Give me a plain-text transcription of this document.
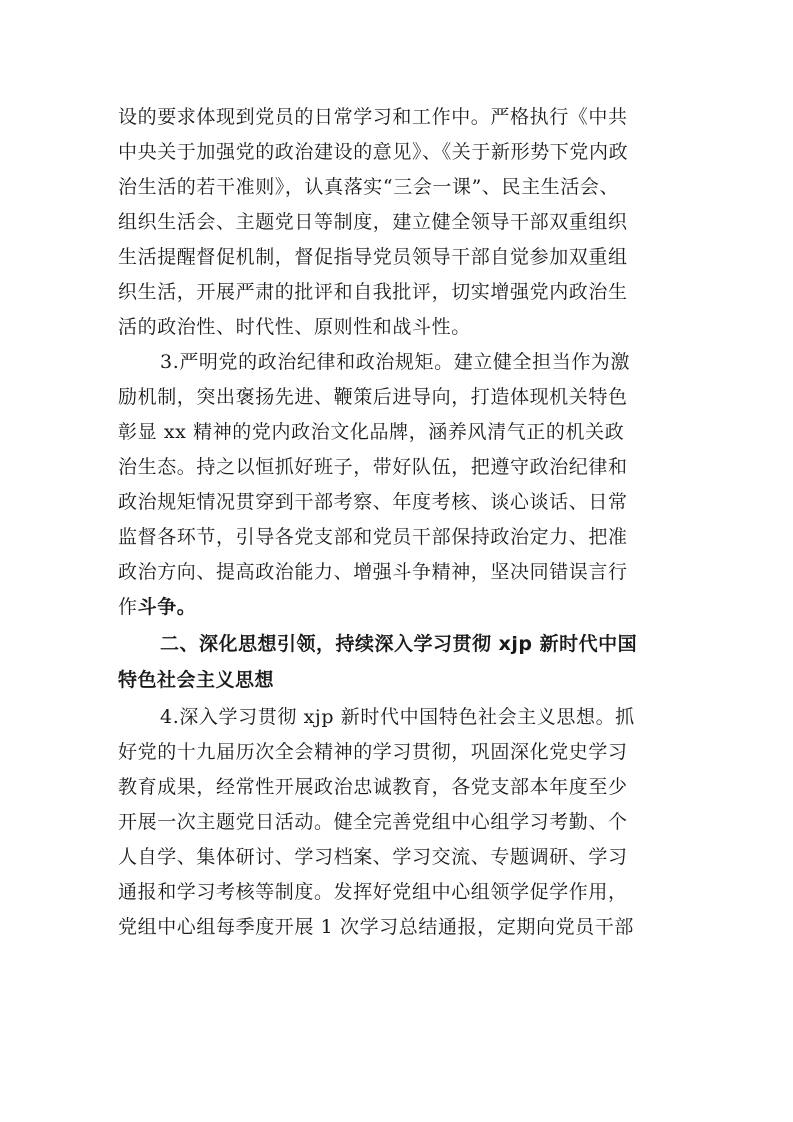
设的要求体现到党员的日常学习和工作中。严格执行《中共
中央关于加强党的政治建设的意见》、《关于新形势下党内政
治生活的若干准则》，认真落实“三会一课”、民主生活会、
组织生活会、主题党日等制度，建立健全领导干部双重组织
生活提醒督促机制，督促指导党员领导干部自觉参加双重组
织生活，开展严肃的批评和自我批评，切实增强党内政治生
活的政治性、时代性、原则性和战斗性。
3.严明党的政治纪律和政治规矩。建立健全担当作为激
励机制，突出褒扬先进、鞭策后进导向，打造体现机关特色
彰显 xx 精神的党内政治文化品牌，涵养风清气正的机关政
治生态。持之以恒抓好班子，带好队伍，把遵守政治纪律和
政治规矩情况贯穿到干部考察、年度考核、谈心谈话、日常
监督各环节，引导各党支部和党员干部保持政治定力、把准
政治方向、提高政治能力、增强斗争精神，坚决同错误言行
作斗争。
二、深化思想引领，持续深入学习贯彻 xjp 新时代中国
特色社会主义思想
4.深入学习贯彻 xjp 新时代中国特色社会主义思想。抓
好党的十九届历次全会精神的学习贯彻，巩固深化党史学习
教育成果，经常性开展政治忠诚教育，各党支部本年度至少
开展一次主题党日活动。健全完善党组中心组学习考勤、个
人自学、集体研讨、学习档案、学习交流、专题调研、学习
通报和学习考核等制度。发挥好党组中心组领学促学作用，
党组中心组每季度开展 1 次学习总结通报，定期向党员干部
